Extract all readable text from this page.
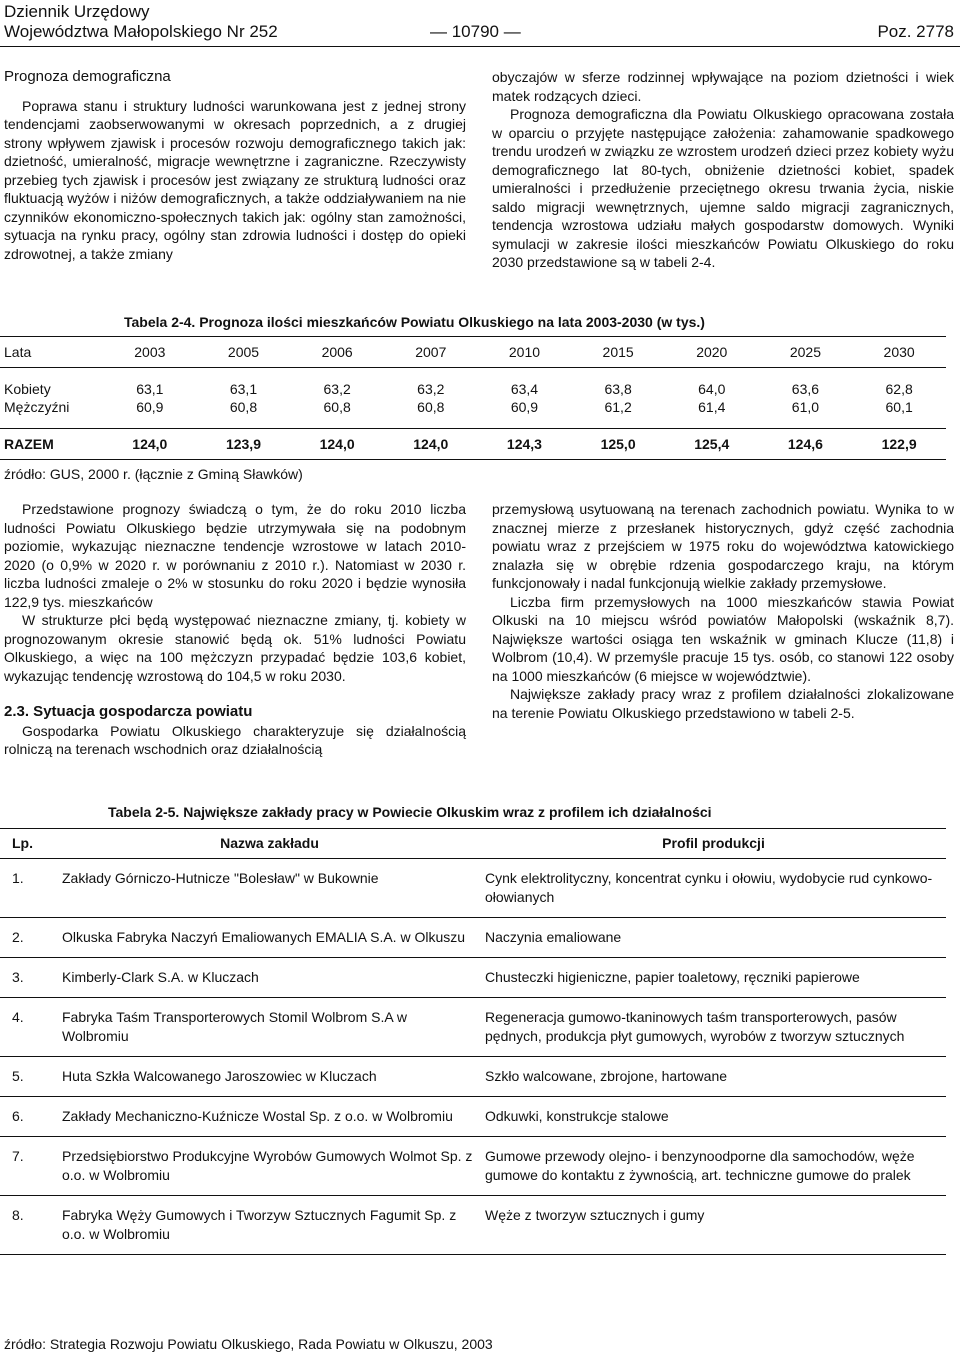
Dziennik Urzędowy
Województwa Małopolskiego Nr 252	— 10790 —	Poz. 2778

Prognoza demograficzna

Poprawa stanu i struktury ludności warunkowana jest z jednej strony tendencjami zaobserwowanymi w okresach poprzednich, a z drugiej strony wpływem zjawisk i procesów rozwoju demograficznego takich jak: dzietność, umieralność, migracje wewnętrzne i zagraniczne. Rzeczywisty przebieg tych zjawisk i procesów jest związany ze strukturą ludności oraz fluktuacją wyżów i niżów demograficznych, a także oddziaływaniem na nie czynników ekonomiczno-społecznych takich jak: ogólny stan zamożności, sytuacja na rynku pracy, ogólny stan zdrowia ludności i dostęp do opieki zdrowotnej, a także zmiany

obyczajów w sferze rodzinnej wpływające na poziom dzietności i wiek matek rodzących dzieci.

Prognoza demograficzna dla Powiatu Olkuskiego opracowana została w oparciu o przyjęte następujące założenia: zahamowanie spadkowego trendu urodzeń w związku ze wzrostem urodzeń dzieci przez kobiety wyżu demograficznego lat 80-tych, obniżenie dzietności kobiet, spadek umieralności i przedłużenie przeciętnego okresu trwania życia, niskie saldo migracji wewnętrznych, ujemne saldo migracji zagranicznych, tendencja wzrostowa udziału małych gospodarstw domowych. Wyniki symulacji w zakresie ilości mieszkańców Powiatu Olkuskiego do roku 2030 przedstawione są w tabeli 2-4.

Tabela 2-4. Prognoza ilości mieszkańców Powiatu Olkuskiego na lata 2003-2030 (w tys.)
Lata	2003	2005	2006	2007	2010	2015	2020	2025	2030
Kobiety	63,1	63,1	63,2	63,2	63,4	63,8	64,0	63,6	62,8
Mężczyźni	60,9	60,8	60,8	60,8	60,9	61,2	61,4	61,0	60,1
RAZEM	124,0	123,9	124,0	124,0	124,3	125,0	125,4	124,6	122,9
źródło: GUS, 2000 r. (łącznie z Gminą Sławków)

Przedstawione prognozy świadczą o tym, że do roku 2010 liczba ludności Powiatu Olkuskiego będzie utrzymywała się na podobnym poziomie, wykazując nieznaczne tendencje wzrostowe w latach 2010-2020 (o 0,9% w 2020 r. w porównaniu z 2010 r.). Natomiast w 2030 r. liczba ludności zmaleje o 2% w stosunku do roku 2020 i będzie wynosiła 122,9 tys. mieszkańców

W strukturze płci będą występować nieznaczne zmiany, tj. kobiety w prognozowanym okresie stanowić będą ok. 51% ludności Powiatu Olkuskiego, a więc na 100 mężczyzn przypadać będzie 103,6 kobiet, wykazując tendencję wzrostową do 104,5 w roku 2030.

2.3. Sytuacja gospodarcza powiatu

Gospodarka Powiatu Olkuskiego charakteryzuje się działalnością rolniczą na terenach wschodnich oraz działalnością

przemysłową usytuowaną na terenach zachodnich powiatu. Wynika to w znacznej mierze z przesłanek historycznych, gdyż część zachodnia powiatu wraz z przejściem w 1975 roku do województwa katowickiego znalazła się w obrębie rdzenia gospodarczego kraju, na którym funkcjonowały i nadal funkcjonują wielkie zakłady przemysłowe.

Liczba firm przemysłowych na 1000 mieszkańców stawia Powiat Olkuski na 10 miejscu wśród powiatów Małopolski (wskaźnik 8,7). Największe wartości osiąga ten wskaźnik w gminach Klucze (11,8) i Wolbrom (10,4). W przemyśle pracuje 15 tys. osób, co stanowi 122 osoby na 1000 mieszkańców (6 miejsce w województwie).

Największe zakłady pracy wraz z profilem działalności zlokalizowane na terenie Powiatu Olkuskiego przedstawiono w tabeli 2-5.

Tabela 2-5. Największe zakłady pracy w Powiecie Olkuskim wraz z profilem ich działalności
Lp.	Nazwa zakładu	Profil produkcji
1.	Zakłady Górniczo-Hutnicze "Bolesław" w Bukownie	Cynk elektrolityczny, koncentrat cynku i ołowiu, wydobycie rud cynkowo-ołowianych
2.	Olkuska Fabryka Naczyń Emaliowanych EMALIA S.A. w Olkuszu	Naczynia emaliowane
3.	Kimberly-Clark S.A. w Kluczach	Chusteczki higieniczne, papier toaletowy, ręczniki papierowe
4.	Fabryka Taśm Transporterowych Stomil Wolbrom S.A w Wolbromiu	Regeneracja gumowo-tkaninowych taśm transporterowych, pasów pędnych, produkcja płyt gumowych, wyrobów z tworzyw sztucznych
5.	Huta Szkła Walcowanego Jaroszowiec w Kluczach	Szkło walcowane, zbrojone, hartowane
6.	Zakłady Mechaniczno-Kuźnicze Wostal Sp. z o.o. w Wolbromiu	Odkuwki, konstrukcje stalowe
7.	Przedsiębiorstwo Produkcyjne Wyrobów Gumowych Wolmot Sp. z o.o. w Wolbromiu	Gumowe przewody olejno- i benzynoodporne dla samochodów, węże gumowe do kontaktu z żywnością, art. techniczne gumowe do pralek
8.	Fabryka Węży Gumowych i Tworzyw Sztucznych Fagumit Sp. z o.o. w Wolbromiu	Węże z tworzyw sztucznych i gumy
źródło: Strategia Rozwoju Powiatu Olkuskiego, Rada Powiatu w Olkuszu, 2003
